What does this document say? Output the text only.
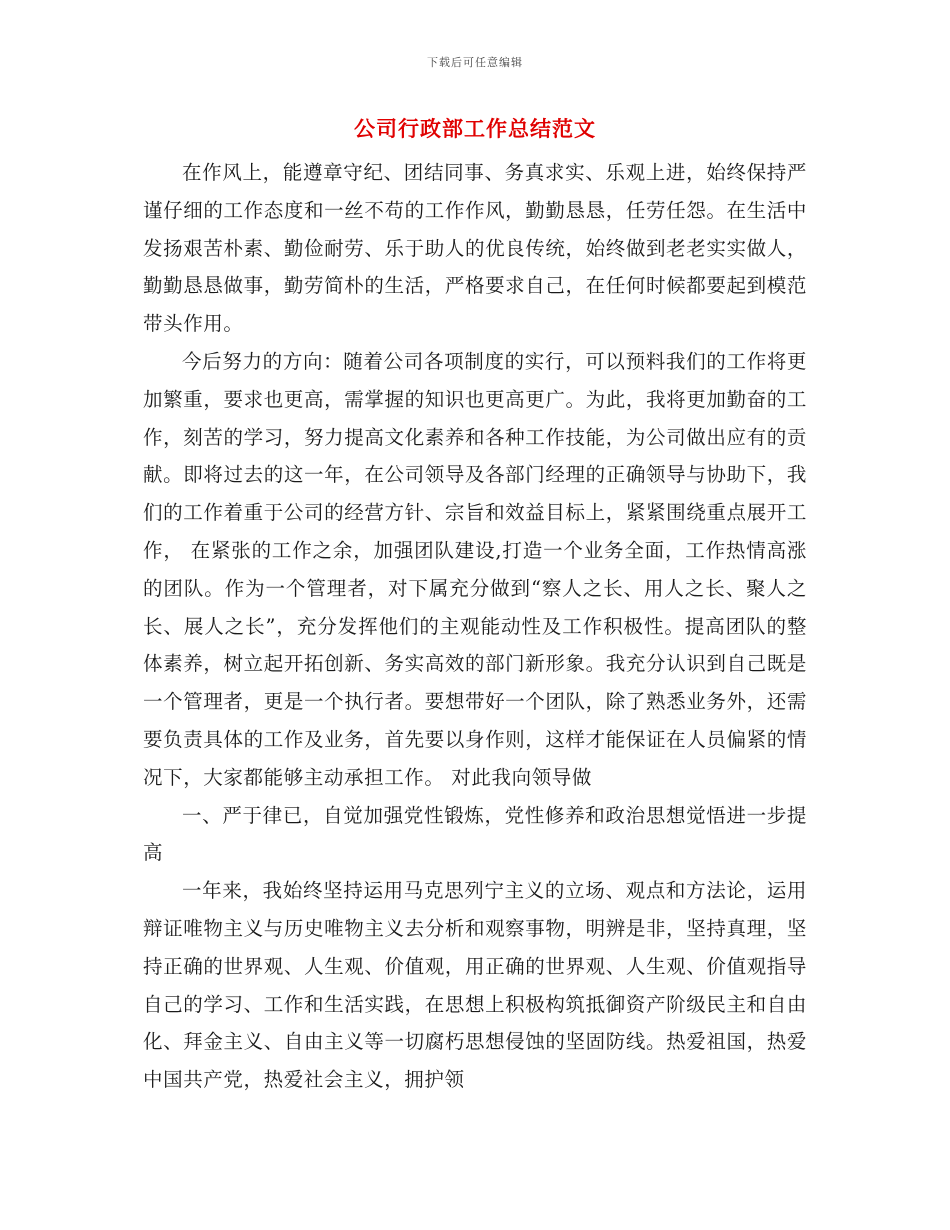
下载后可任意编辑
公司行政部工作总结范文

在作风上，能遵章守纪、团结同事、务真求实、乐观上进，始终保持严谨仔细的工作态度和一丝不苟的工作作风，勤勤恳恳，任劳任怨。在生活中发扬艰苦朴素、勤俭耐劳、乐于助人的优良传统，始终做到老老实实做人，勤勤恳恳做事，勤劳简朴的生活，严格要求自己，在任何时候都要起到模范带头作用。

今后努力的方向：随着公司各项制度的实行，可以预料我们的工作将更加繁重，要求也更高，需掌握的知识也更高更广。为此，我将更加勤奋的工作，刻苦的学习，努力提高文化素养和各种工作技能，为公司做出应有的贡献。即将过去的这一年，在公司领导及各部门经理的正确领导与协助下，我们的工作着重于公司的经营方针、宗旨和效益目标上，紧紧围绕重点展开工作， 在紧张的工作之余，加强团队建设,打造一个业务全面，工作热情高涨的团队。作为一个管理者，对下属充分做到“察人之长、用人之长、聚人之长、展人之长”，充分发挥他们的主观能动性及工作积极性。提高团队的整体素养，树立起开拓创新、务实高效的部门新形象。我充分认识到自己既是一个管理者，更是一个执行者。要想带好一个团队，除了熟悉业务外，还需要负责具体的工作及业务，首先要以身作则，这样才能保证在人员偏紧的情况下，大家都能够主动承担工作。 对此我向领导做

一、严于律已，自觉加强党性锻炼，党性修养和政治思想觉悟进一步提高

一年来，我始终坚持运用马克思列宁主义的立场、观点和方法论，运用辩证唯物主义与历史唯物主义去分析和观察事物，明辨是非，坚持真理，坚持正确的世界观、人生观、价值观，用正确的世界观、人生观、价值观指导自己的学习、工作和生活实践，在思想上积极构筑抵御资产阶级民主和自由化、拜金主义、自由主义等一切腐朽思想侵蚀的坚固防线。热爱祖国，热爱中国共产党，热爱社会主义，拥护领
